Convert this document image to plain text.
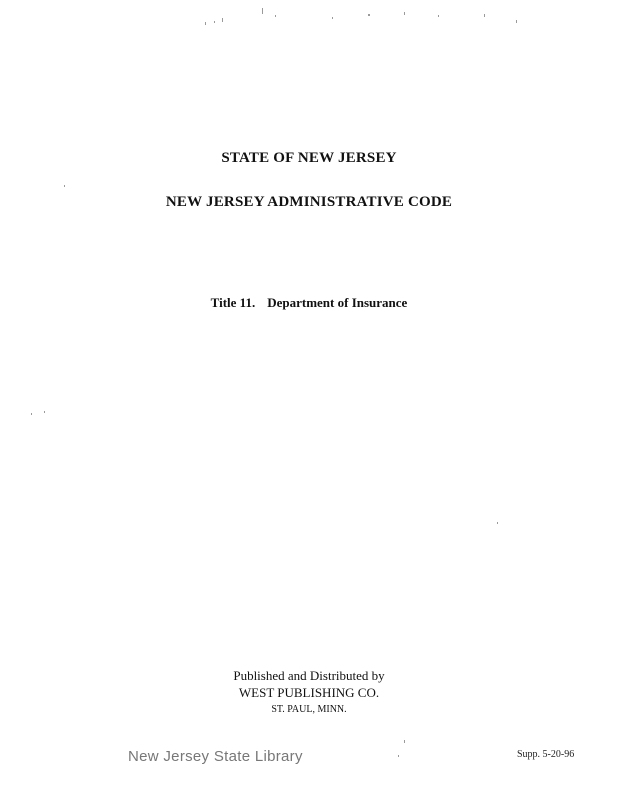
STATE OF NEW JERSEY
NEW JERSEY ADMINISTRATIVE CODE
Title 11. Department of Insurance
Published and Distributed by
WEST PUBLISHING CO.
ST. PAUL, MINN.
New Jersey State Library	Supp. 5-20-96
